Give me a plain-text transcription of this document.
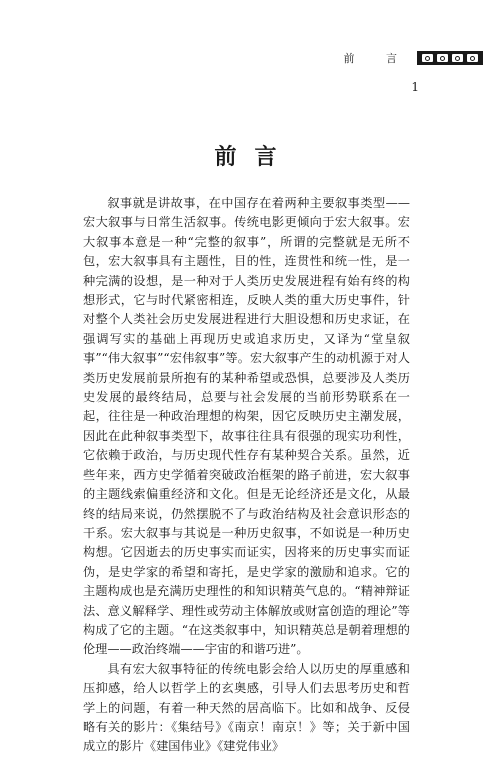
前 言
1
前言

叙事就是讲故事，在中国存在着两种主要叙事类型——宏大叙事与日常生活叙事。传统电影更倾向于宏大叙事。宏大叙事本意是一种“完整的叙事”，所谓的完整就是无所不包，宏大叙事具有主题性，目的性，连贯性和统一性，是一种完满的设想，是一种对于人类历史发展进程有始有终的构想形式，它与时代紧密相连，反映人类的重大历史事件，针对整个人类社会历史发展进程进行大胆设想和历史求证，在强调写实的基础上再现历史或追求历史，又译为“堂皇叙事”“伟大叙事”“宏伟叙事”等。宏大叙事产生的动机源于对人类历史发展前景所抱有的某种希望或恐惧，总要涉及人类历史发展的最终结局，总要与社会发展的当前形势联系在一起，往往是一种政治理想的构架，因它反映历史主潮发展，因此在此种叙事类型下，故事往往具有很强的现实功利性，它依赖于政治，与历史现代性存有某种契合关系。虽然，近些年来，西方史学循着突破政治框架的路子前进，宏大叙事的主题线索偏重经济和文化。但是无论经济还是文化，从最终的结局来说，仍然摆脱不了与政治结构及社会意识形态的干系。宏大叙事与其说是一种历史叙事，不如说是一种历史构想。它因逝去的历史事实而证实，因将来的历史事实而证伪，是史学家的希望和寄托，是史学家的激励和追求。它的主题构成也是充满历史理性的和知识精英气息的。“精神辩证法、意义解释学、理性或劳动主体解放或财富创造的理论”等构成了它的主题。“在这类叙事中，知识精英总是朝着理想的伦理——政治终端——宇宙的和谐巧进”。

具有宏大叙事特征的传统电影会给人以历史的厚重感和压抑感，给人以哲学上的玄奥感，引导人们去思考历史和哲学上的问题，有着一种天然的居高临下。比如和战争、反侵略有关的影片：《集结号》《南京！南京！》等；关于新中国成立的影片《建国伟业》《建党伟业》
